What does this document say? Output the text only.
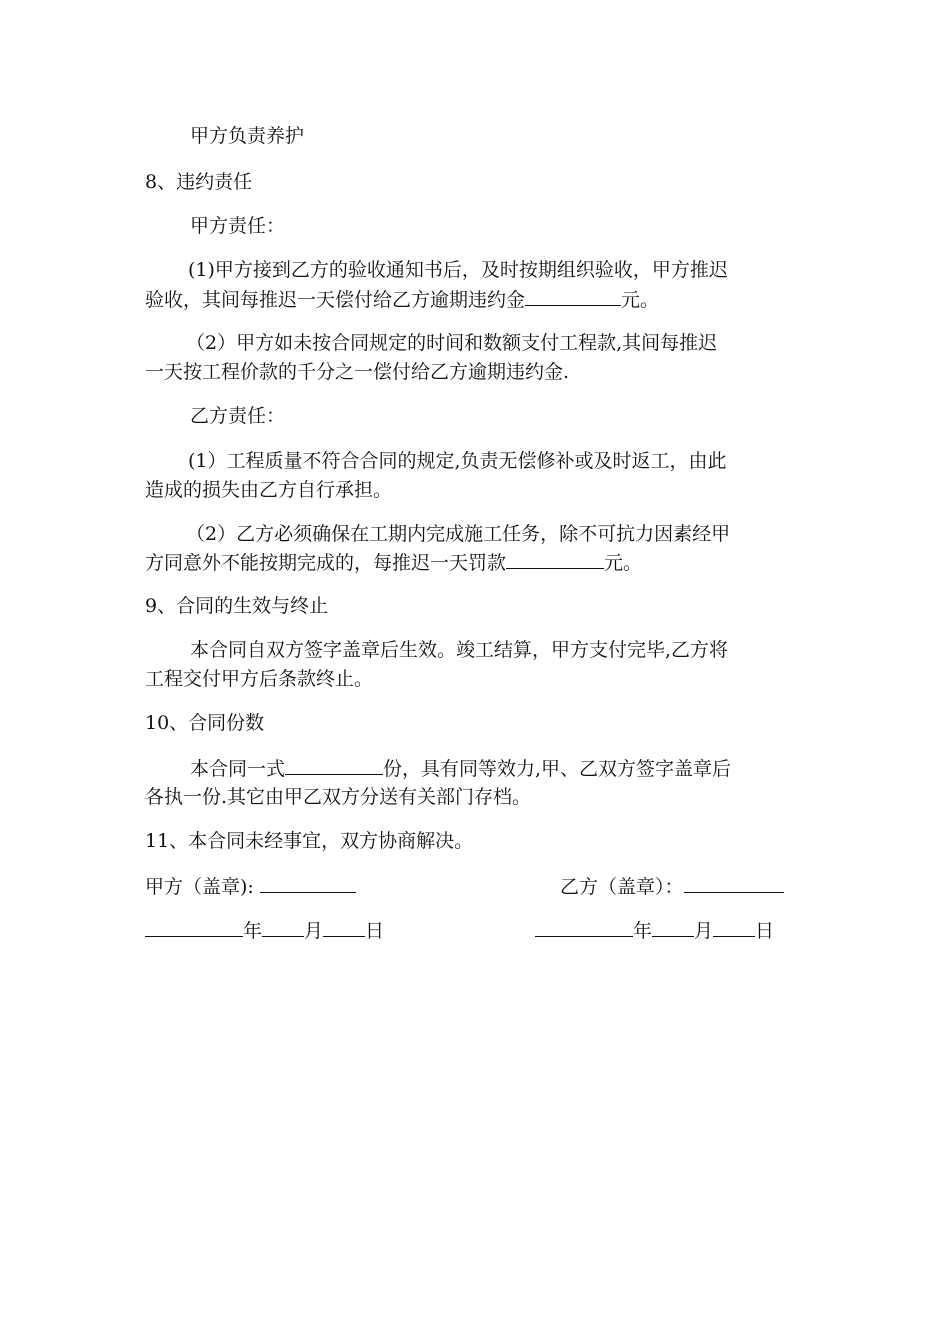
甲方负责养护
8、违约责任
甲方责任：
(1)甲方接到乙方的验收通知书后，及时按期组织验收，甲方推迟
验收，其间每推迟一天偿付给乙方逾期违约金	元。
（2）甲方如未按合同规定的时间和数额支付工程款,其间每推迟
一天按工程价款的千分之一偿付给乙方逾期违约金.
乙方责任：
(1）工程质量不符合合同的规定,负责无偿修补或及时返工，由此
造成的损失由乙方自行承担。
（2）乙方必须确保在工期内完成施工任务，除不可抗力因素经甲
方同意外不能按期完成的，每推迟一天罚款	元。
9、合同的生效与终止
本合同自双方签字盖章后生效。竣工结算，甲方支付完毕,乙方将
工程交付甲方后条款终止。
10、合同份数
本合同一式	份，具有同等效力,甲、乙双方签字盖章后
各执一份.其它由甲乙双方分送有关部门存档。
11、本合同未经事宜，双方协商解决。
甲方（盖章):	乙方（盖章）：
年 月 日	年 月 日
